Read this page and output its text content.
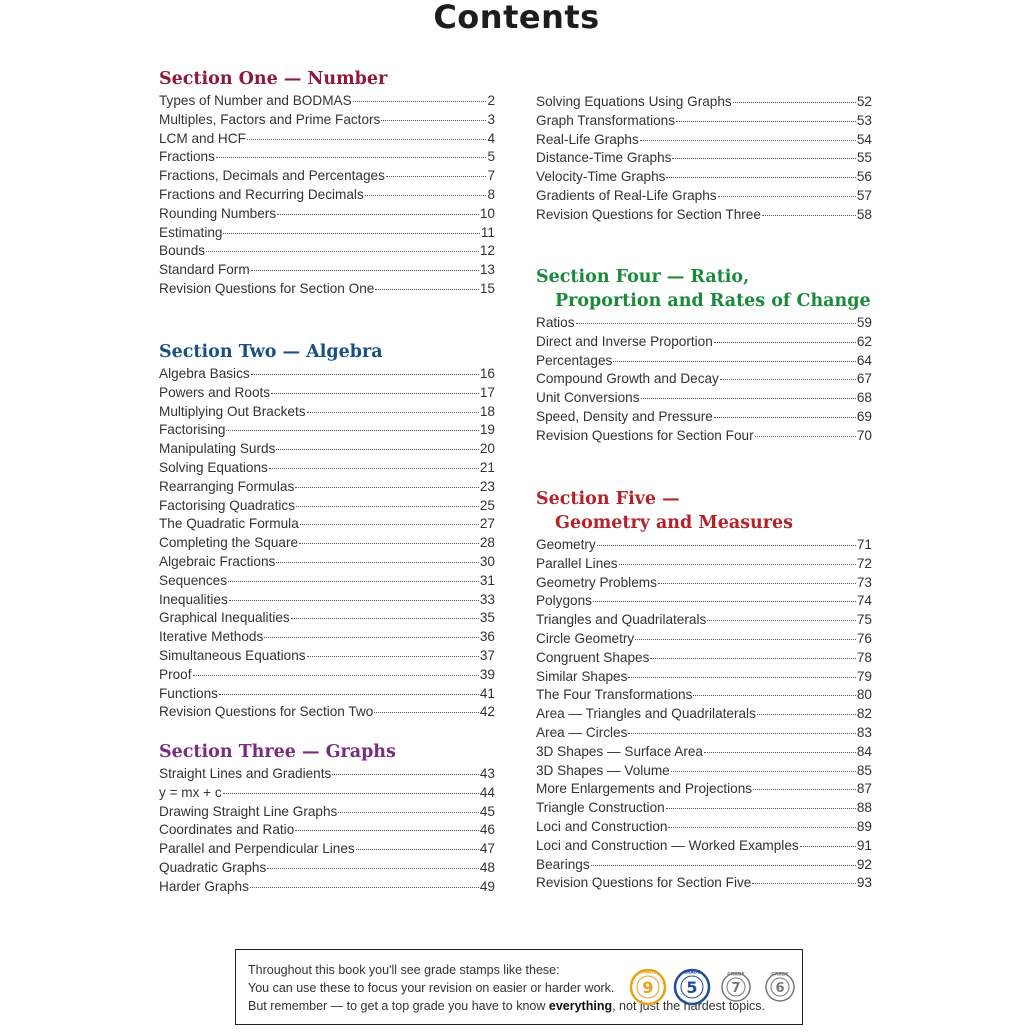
Contents
Section One — Number
Types of Number and BODMAS	2
Multiples, Factors and Prime Factors	3
LCM and HCF	4
Fractions	5
Fractions, Decimals and Percentages	7
Fractions and Recurring Decimals	8
Rounding Numbers	10
Estimating	11
Bounds	12
Standard Form	13
Revision Questions for Section One	15
Section Two — Algebra
Algebra Basics	16
Powers and Roots	17
Multiplying Out Brackets	18
Factorising	19
Manipulating Surds	20
Solving Equations	21
Rearranging Formulas	23
Factorising Quadratics	25
The Quadratic Formula	27
Completing the Square	28
Algebraic Fractions	30
Sequences	31
Inequalities	33
Graphical Inequalities	35
Iterative Methods	36
Simultaneous Equations	37
Proof	39
Functions	41
Revision Questions for Section Two	42
Section Three — Graphs
Straight Lines and Gradients	43
y = mx + c	44
Drawing Straight Line Graphs	45
Coordinates and Ratio	46
Parallel and Perpendicular Lines	47
Quadratic Graphs	48
Harder Graphs	49
Solving Equations Using Graphs	52
Graph Transformations	53
Real-Life Graphs	54
Distance-Time Graphs	55
Velocity-Time Graphs	56
Gradients of Real-Life Graphs	57
Revision Questions for Section Three	58
Section Four — Ratio,
Proportion and Rates of Change
Ratios	59
Direct and Inverse Proportion	62
Percentages	64
Compound Growth and Decay	67
Unit Conversions	68
Speed, Density and Pressure	69
Revision Questions for Section Four	70
Section Five —
Geometry and Measures
Geometry	71
Parallel Lines	72
Geometry Problems	73
Polygons	74
Triangles and Quadrilaterals	75
Circle Geometry	76
Congruent Shapes	78
Similar Shapes	79
The Four Transformations	80
Area — Triangles and Quadrilaterals	82
Area — Circles	83
3D Shapes — Surface Area	84
3D Shapes — Volume	85
More Enlargements and Projections	87
Triangle Construction	88
Loci and Construction	89
Loci and Construction — Worked Examples	91
Bearings	92
Revision Questions for Section Five	93
Throughout this book you'll see grade stamps like these:
You can use these to focus your revision on easier or harder work.
But remember — to get a top grade you have to know everything, not just the hardest topics.
9
GRADE
5
GRADE
7
GRADE
6
GRADE
